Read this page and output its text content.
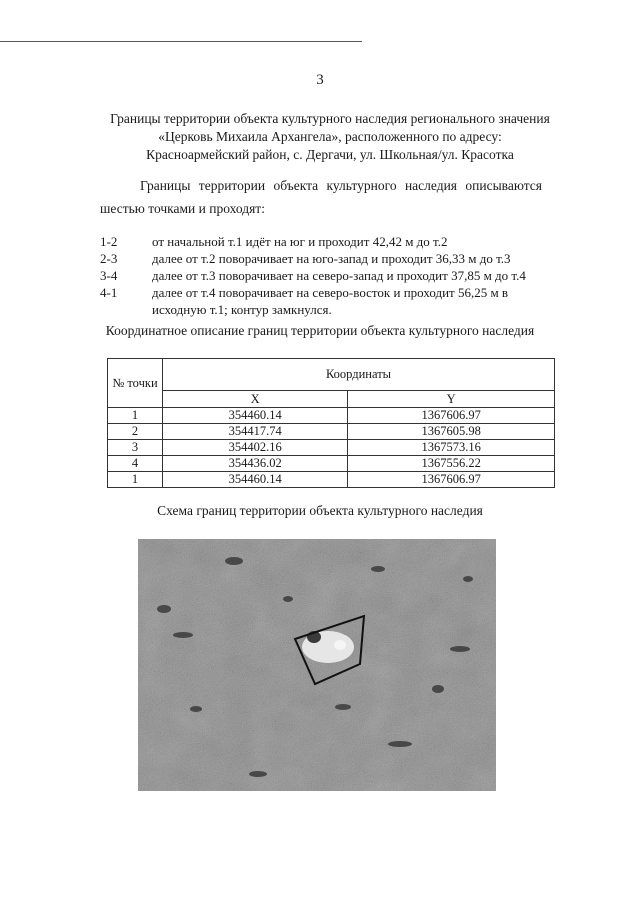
3
Границы территории объекта культурного наследия регионального значения
«Церковь Михаила Архангела», расположенного по адресу:
Красноармейский район, с. Дергачи, ул. Школьная/ул. Красотка
Границы территории объекта культурного наследия описываются
шестью точками и проходят:
1-2	от начальной т.1 идёт на юг и проходит 42,42 м до т.2
2-3	далее от т.2 поворачивает на юго-запад и проходит 36,33 м до т.3
3-4	далее от т.3 поворачивает на северо-запад и проходит 37,85 м до т.4
4-1	далее от т.4 поворачивает на северо-восток и проходит 56,25 м в исходную т.1; контур замкнулся.
Координатное описание границ территории объекта культурного наследия
№ точки	Координаты	
	X	Y
1	354460.14	1367606.97
2	354417.74	1367605.98
3	354402.16	1367573.16
4	354436.02	1367556.22
1	354460.14	1367606.97
Схема границ территории объекта культурного наследия
